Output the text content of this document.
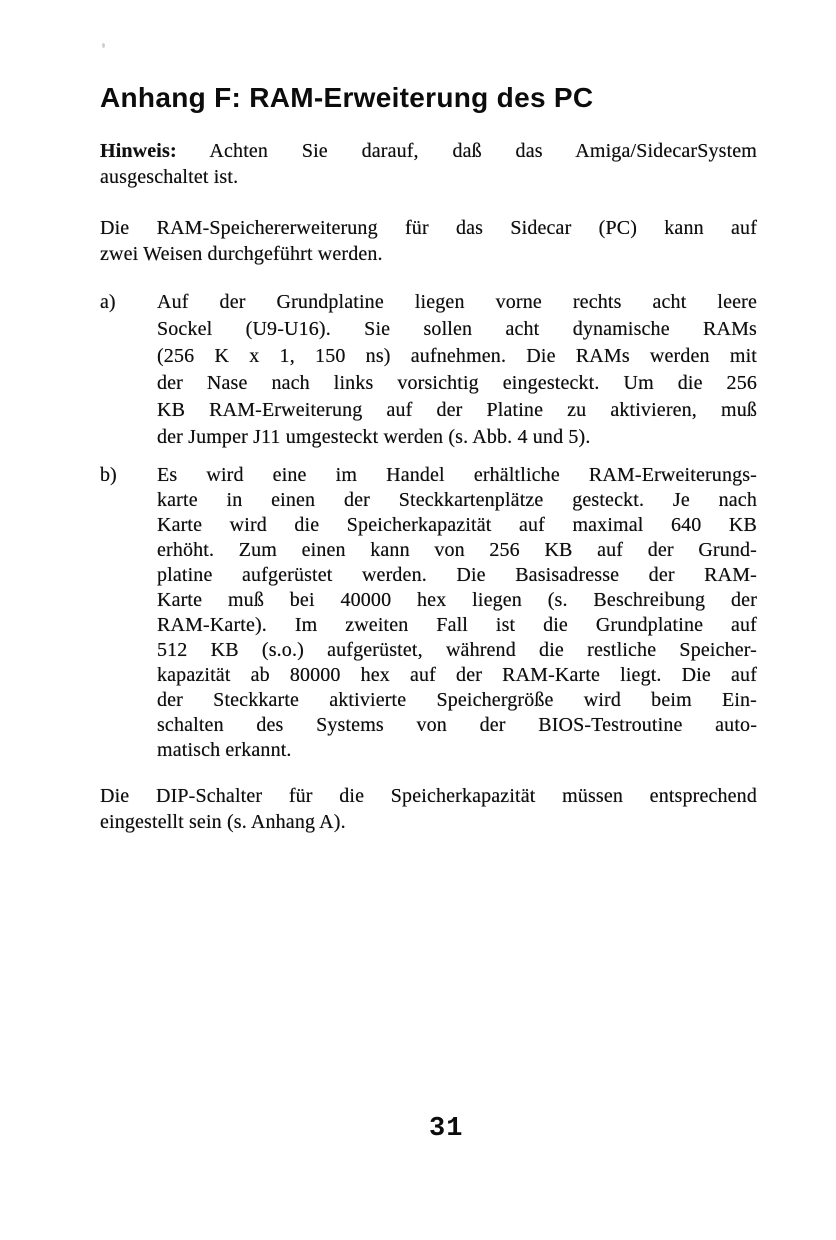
Anhang F: RAM-Erweiterung des PC
Hinweis: Achten Sie darauf, daß das Amiga/SidecarSystem
ausgeschaltet ist.
Die RAM-Speichererweiterung für das Sidecar (PC) kann auf
zwei Weisen durchgeführt werden.
a)	Auf der Grundplatine liegen vorne rechts acht leere
Sockel (U9-U16). Sie sollen acht dynamische RAMs
(256 K x 1, 150 ns) aufnehmen. Die RAMs werden mit
der Nase nach links vorsichtig eingesteckt. Um die 256
KB RAM-Erweiterung auf der Platine zu aktivieren, muß
der Jumper J11 umgesteckt werden (s. Abb. 4 und 5).
b)	Es wird eine im Handel erhältliche RAM-Erweiterungs-
karte in einen der Steckkartenplätze gesteckt. Je nach
Karte wird die Speicherkapazität auf maximal 640 KB
erhöht. Zum einen kann von 256 KB auf der Grund-
platine aufgerüstet werden. Die Basisadresse der RAM-
Karte muß bei 40000 hex liegen (s. Beschreibung der
RAM-Karte). Im zweiten Fall ist die Grundplatine auf
512 KB (s.o.) aufgerüstet, während die restliche Speicher-
kapazität ab 80000 hex auf der RAM-Karte liegt. Die auf
der Steckkarte aktivierte Speichergröße wird beim Ein-
schalten des Systems von der BIOS-Testroutine auto-
matisch erkannt.
Die DIP-Schalter für die Speicherkapazität müssen entsprechend
eingestellt sein (s. Anhang A).
31
